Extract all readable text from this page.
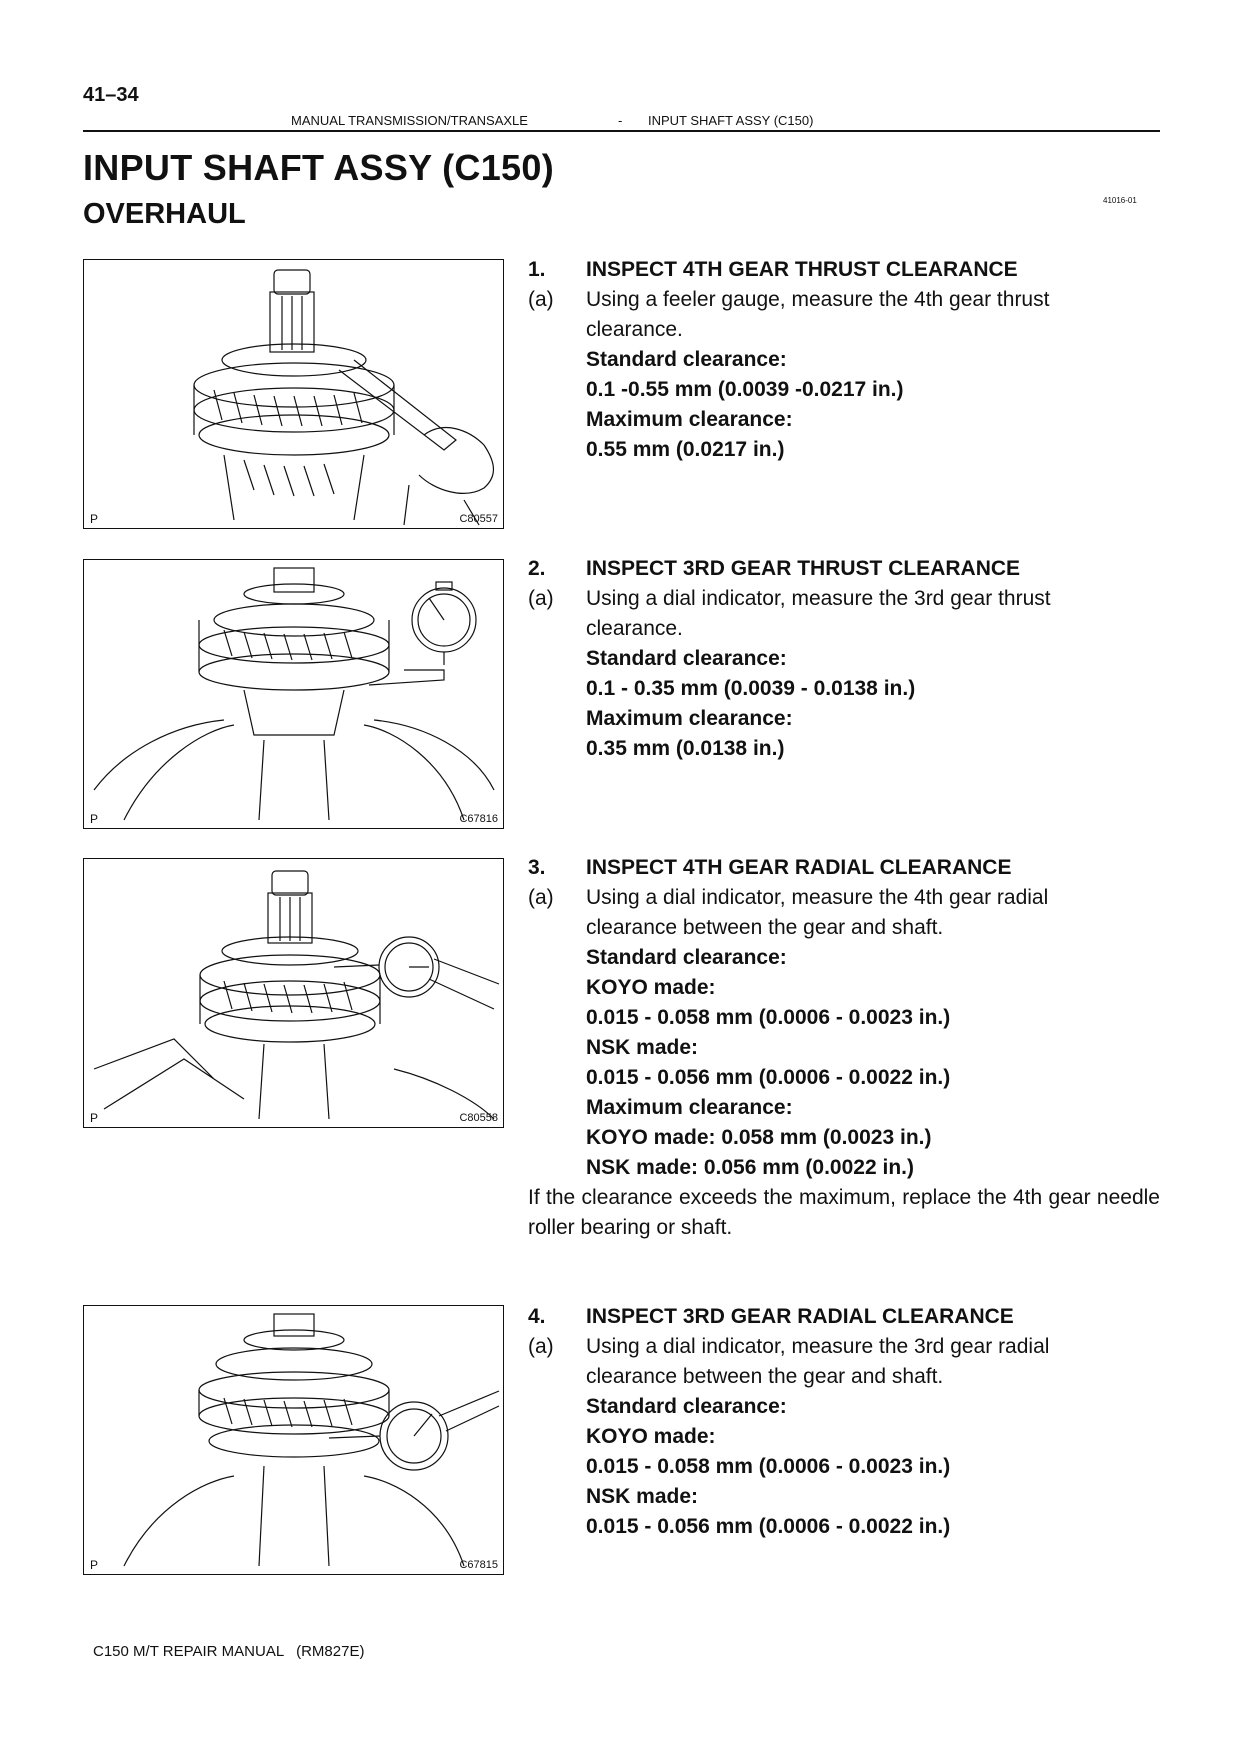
41–34
MANUAL TRANSMISSION/TRANSAXLE	- INPUT SHAFT ASSY (C150)
INPUT SHAFT ASSY (C150)
OVERHAUL	41016-01
P	C80557
P	C67816
P	C80558
P	C67815
1. INSPECT 4TH GEAR THRUST CLEARANCE
(a) Using a feeler gauge, measure the 4th gear thrust
clearance.
Standard clearance:
0.1 -0.55 mm (0.0039 -0.0217 in.)
Maximum clearance:
0.55 mm (0.0217 in.)
2. INSPECT 3RD GEAR THRUST CLEARANCE
(a) Using a dial indicator, measure the 3rd gear thrust
clearance.
Standard clearance:
0.1 - 0.35 mm (0.0039 - 0.0138 in.)
Maximum clearance:
0.35 mm (0.0138 in.)
3. INSPECT 4TH GEAR RADIAL CLEARANCE
(a) Using a dial indicator, measure the 4th gear radial
clearance between the gear and shaft.
Standard clearance:
KOYO made:
0.015 - 0.058 mm (0.0006 - 0.0023 in.)
NSK made:
0.015 - 0.056 mm (0.0006 - 0.0022 in.)
Maximum clearance:
KOYO made: 0.058 mm (0.0023 in.)
NSK made: 0.056 mm (0.0022 in.)
If the clearance exceeds the maximum, replace the 4th gear needle roller bearing or shaft.
4. INSPECT 3RD GEAR RADIAL CLEARANCE
(a) Using a dial indicator, measure the 3rd gear radial
clearance between the gear and shaft.
Standard clearance:
KOYO made:
0.015 - 0.058 mm (0.0006 - 0.0023 in.)
NSK made:
0.015 - 0.056 mm (0.0006 - 0.0022 in.)
C150 M/T REPAIR MANUAL   (RM827E)
